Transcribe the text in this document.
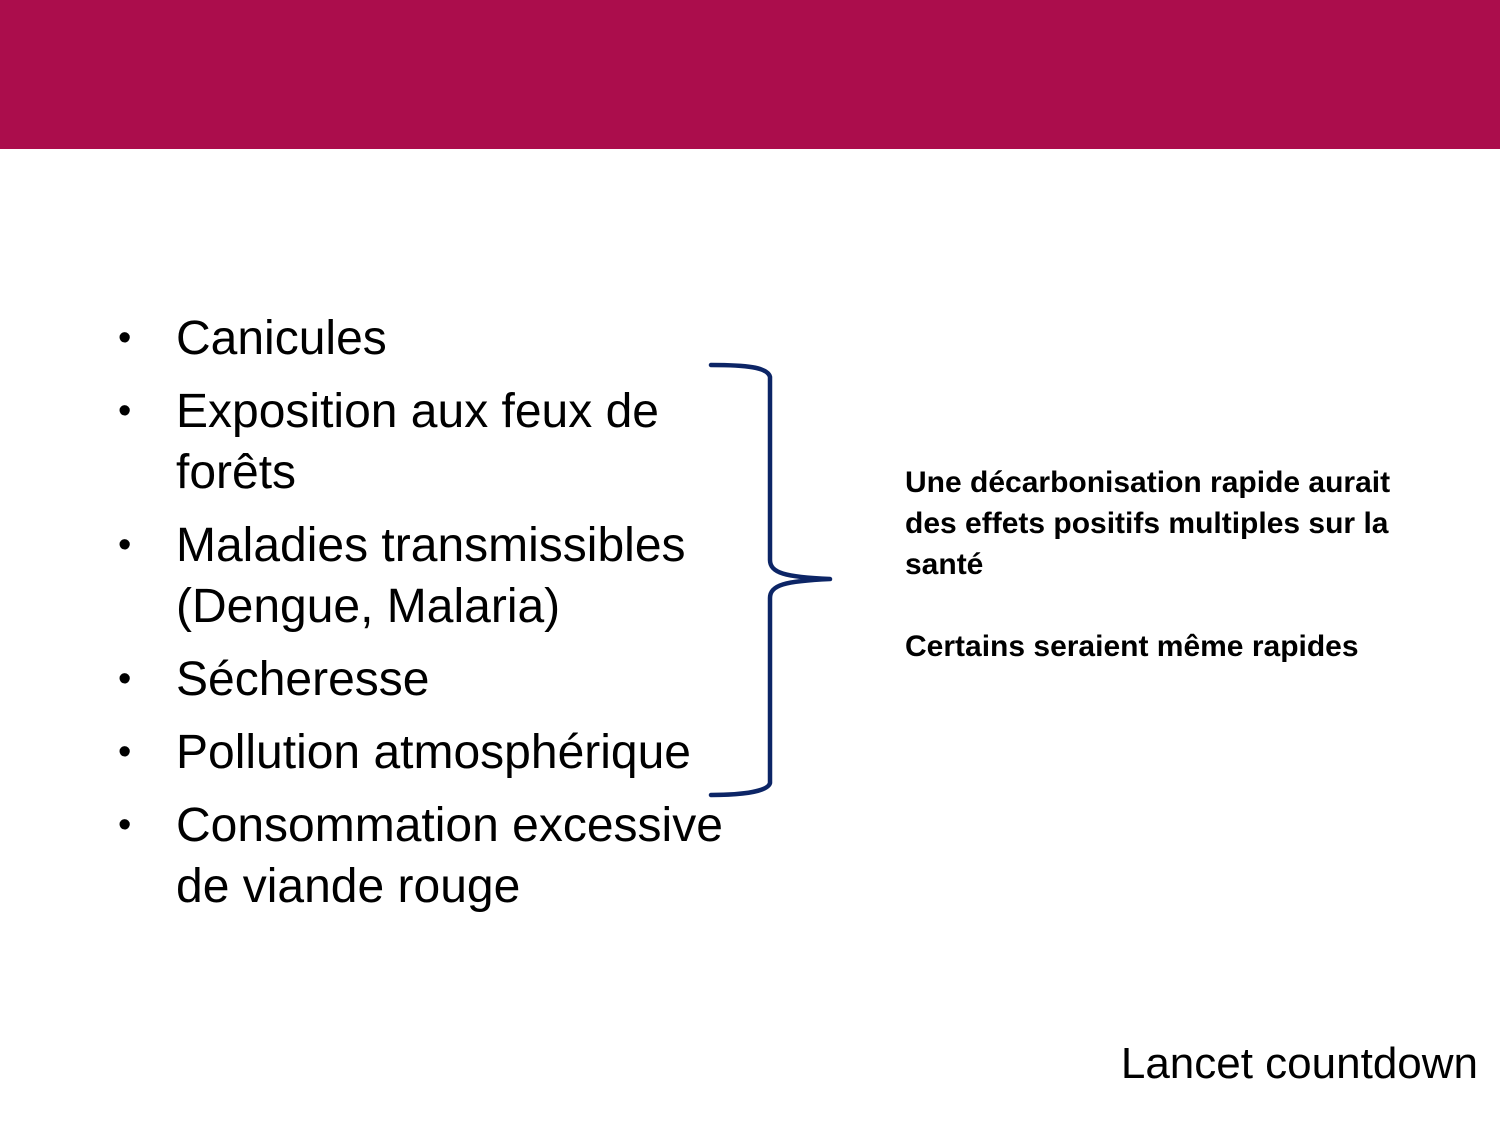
• Canicules
• Exposition aux feux de forêts
• Maladies transmissibles (Dengue, Malaria)
• Sécheresse
• Pollution atmosphérique
• Consommation excessive de viande rouge

Une décarbonisation rapide aurait des effets positifs multiples sur la santé

Certains seraient même rapides

Lancet countdown
